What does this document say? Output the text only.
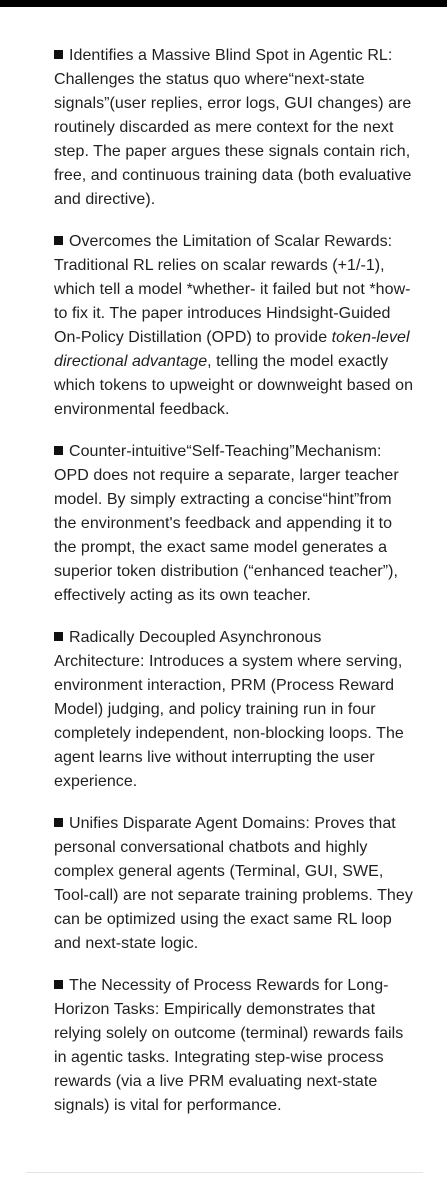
Identifies a Massive Blind Spot in Agentic RL: Challenges the status quo where“next-state signals”(user replies, error logs, GUI changes) are routinely discarded as mere context for the next step. The paper argues these signals contain rich, free, and continuous training data (both evaluative and directive).

Overcomes the Limitation of Scalar Rewards: Traditional RL relies on scalar rewards (+1/-1), which tell a model *whether- it failed but not *how- to fix it. The paper introduces Hindsight-Guided On-Policy Distillation (OPD) to provide token-level directional advantage, telling the model exactly which tokens to upweight or downweight based on environmental feedback.

Counter-intuitive“Self-Teaching”Mechanism: OPD does not require a separate, larger teacher model. By simply extracting a concise“hint”from the environment's feedback and appending it to the prompt, the exact same model generates a superior token distribution (“enhanced teacher”), effectively acting as its own teacher.

Radically Decoupled Asynchronous Architecture: Introduces a system where serving, environment interaction, PRM (Process Reward Model) judging, and policy training run in four completely independent, non-blocking loops. The agent learns live without interrupting the user experience.

Unifies Disparate Agent Domains: Proves that personal conversational chatbots and highly complex general agents (Terminal, GUI, SWE, Tool-call) are not separate training problems. They can be optimized using the exact same RL loop and next-state logic.

The Necessity of Process Rewards for Long-Horizon Tasks: Empirically demonstrates that relying solely on outcome (terminal) rewards fails in agentic tasks. Integrating step-wise process rewards (via a live PRM evaluating next-state signals) is vital for performance.
